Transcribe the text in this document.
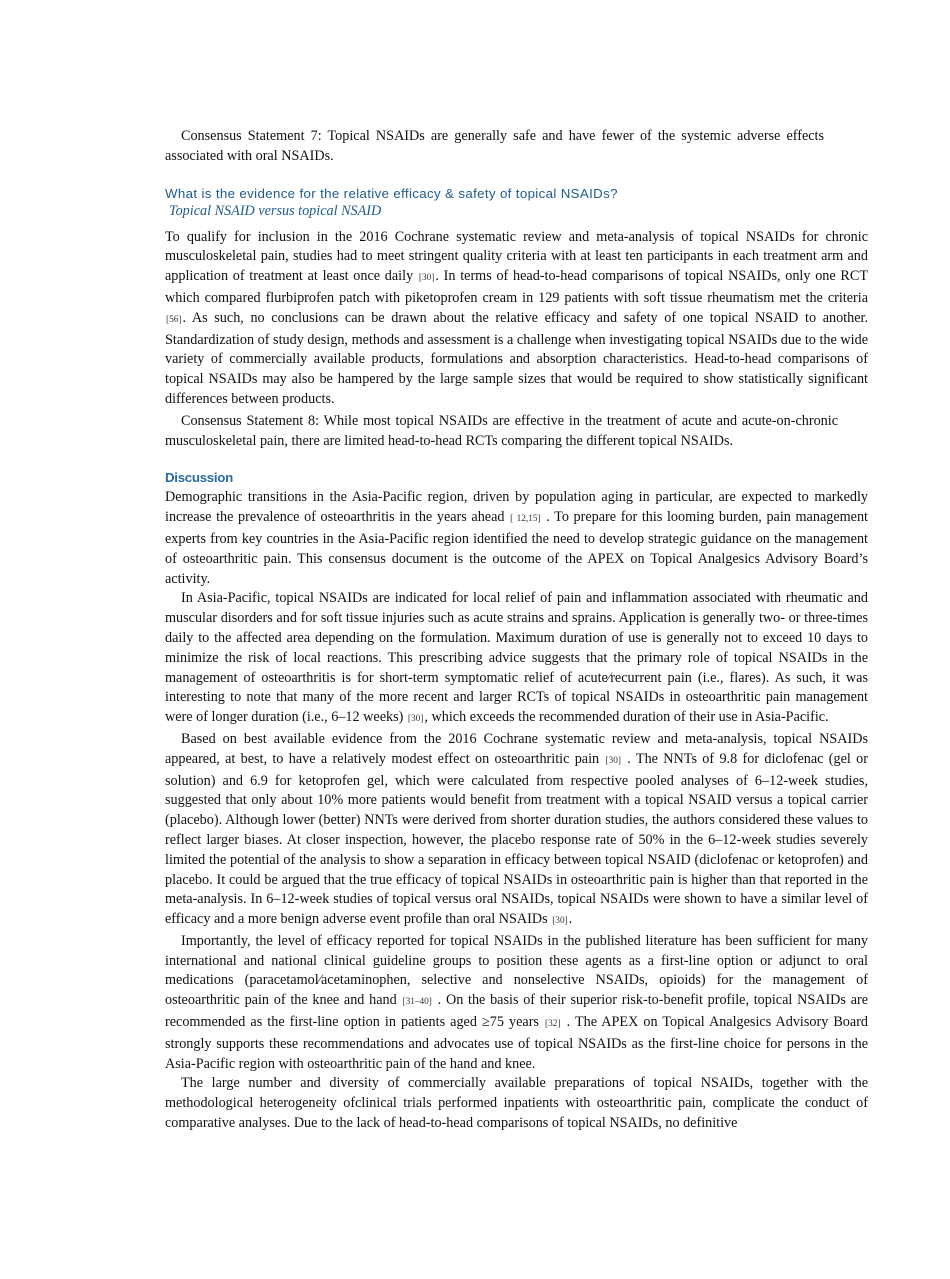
Consensus Statement 7: Topical NSAIDs are generally safe and have fewer of the systemic adverse effects associated with oral NSAIDs.

What is the evidence for the relative efficacy & safety of topical NSAIDs?
Topical NSAID versus topical NSAID

To qualify for inclusion in the 2016 Cochrane systematic review and meta-analysis of topical NSAIDs for chronic musculoskeletal pain, studies had to meet stringent quality criteria with at least ten participants in each treatment arm and application of treatment at least once daily [30]. In terms of head-to-head comparisons of topical NSAIDs, only one RCT which compared flurbiprofen patch with piketoprofen cream in 129 patients with soft tissue rheumatism met the criteria [56]. As such, no conclusions can be drawn about the relative efficacy and safety of one topical NSAID to another. Standardization of study design, methods and assessment is a challenge when investigating topical NSAIDs due to the wide variety of commercially available products, formulations and absorption characteristics. Head-to-head comparisons of topical NSAIDs may also be hampered by the large sample sizes that would be required to show statistically significant differences between products.

Consensus Statement 8: While most topical NSAIDs are effective in the treatment of acute and acute-on-chronic musculoskeletal pain, there are limited head-to-head RCTs comparing the different topical NSAIDs.

Discussion

Demographic transitions in the Asia-Pacific region, driven by population aging in particular, are expected to markedly increase the prevalence of osteoarthritis in the years ahead [ 12,15] . To prepare for this looming burden, pain management experts from key countries in the Asia-Pacific region identified the need to develop strategic guidance on the management of osteoarthritic pain. This consensus document is the outcome of the APEX on Topical Analgesics Advisory Board’s activity.

In Asia-Pacific, topical NSAIDs are indicated for local relief of pain and inflammation associated with rheumatic and muscular disorders and for soft tissue injuries such as acute strains and sprains. Application is generally two- or three-times daily to the affected area depending on the formulation. Maximum duration of use is generally not to exceed 10 days to minimize the risk of local reactions. This prescribing advice suggests that the primary role of topical NSAIDs in the management of osteoarthritis is for short-term symptomatic relief of acute⁄recurrent pain (i.e., flares). As such, it was interesting to note that many of the more recent and larger RCTs of topical NSAIDs in osteoarthritic pain management were of longer duration (i.e., 6–12 weeks) [30], which exceeds the recommended duration of their use in Asia-Pacific.

Based on best available evidence from the 2016 Cochrane systematic review and meta-analysis, topical NSAIDs appeared, at best, to have a relatively modest effect on osteoarthritic pain [30] . The NNTs of 9.8 for diclofenac (gel or solution) and 6.9 for ketoprofen gel, which were calculated from respective pooled analyses of 6–12-week studies, suggested that only about 10% more patients would benefit from treatment with a topical NSAID versus a topical carrier (placebo). Although lower (better) NNTs were derived from shorter duration studies, the authors considered these values to reflect larger biases. At closer inspection, however, the placebo response rate of 50% in the 6–12-week studies severely limited the potential of the analysis to show a separation in efficacy between topical NSAID (diclofenac or ketoprofen) and placebo. It could be argued that the true efficacy of topical NSAIDs in osteoarthritic pain is higher than that reported in the meta-analysis. In 6–12-week studies of topical versus oral NSAIDs, topical NSAIDs were shown to have a similar level of efficacy and a more benign adverse event profile than oral NSAIDs [30].

Importantly, the level of efficacy reported for topical NSAIDs in the published literature has been sufficient for many international and national clinical guideline groups to position these agents as a first-line option or adjunct to oral medications (paracetamol⁄acetaminophen, selective and nonselective NSAIDs, opioids) for the management of osteoarthritic pain of the knee and hand [31–40] . On the basis of their superior risk-to-benefit profile, topical NSAIDs are recommended as the first-line option in patients aged ≥75 years [32] . The APEX on Topical Analgesics Advisory Board strongly supports these recommendations and advocates use of topical NSAIDs as the first-line choice for persons in the Asia-Pacific region with osteoarthritic pain of the hand and knee.

The large number and diversity of commercially available preparations of topical NSAIDs, together with the methodological heterogeneity ofclinical trials performed inpatients with osteoarthritic pain, complicate the conduct of comparative analyses. Due to the lack of head-to-head comparisons of topical NSAIDs, no definitive
